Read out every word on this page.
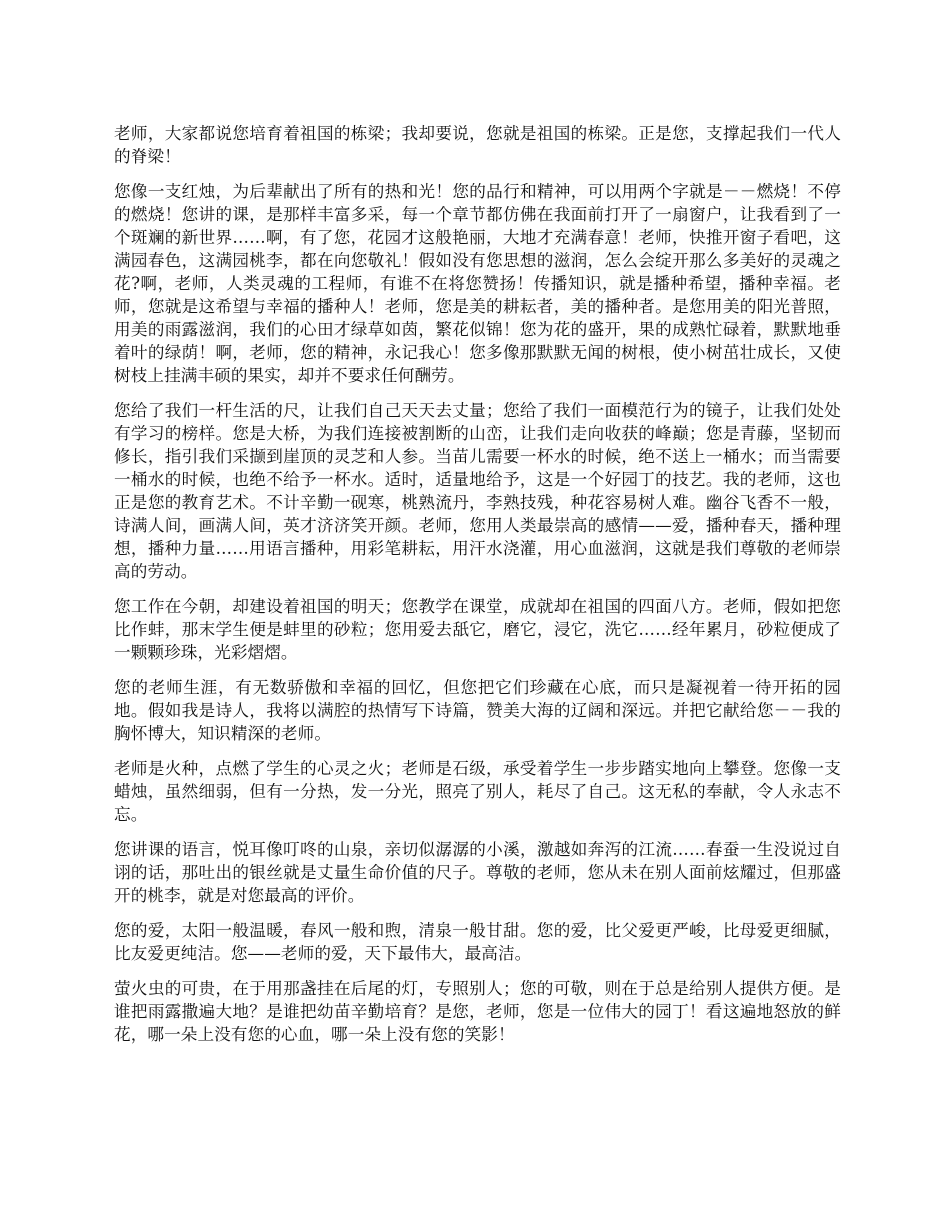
老师，大家都说您培育着祖国的栋梁；我却要说，您就是祖国的栋梁。正是您，支撑起我们一代人的脊梁！

您像一支红烛，为后辈献出了所有的热和光！您的品行和精神，可以用两个字就是－－燃烧！不停的燃烧！您讲的课，是那样丰富多采，每一个章节都仿佛在我面前打开了一扇窗户，让我看到了一个斑斓的新世界……啊，有了您，花园才这般艳丽，大地才充满春意！老师，快推开窗子看吧，这满园春色，这满园桃李，都在向您敬礼！假如没有您思想的滋润，怎么会绽开那么多美好的灵魂之花?啊，老师，人类灵魂的工程师，有谁不在将您赞扬！传播知识，就是播种希望，播种幸福。老师，您就是这希望与幸福的播种人！老师，您是美的耕耘者，美的播种者。是您用美的阳光普照，用美的雨露滋润，我们的心田才绿草如茵，繁花似锦！您为花的盛开，果的成熟忙碌着，默默地垂着叶的绿荫！啊，老师，您的精神，永记我心！您多像那默默无闻的树根，使小树茁壮成长，又使树枝上挂满丰硕的果实，却并不要求任何酬劳。

您给了我们一杆生活的尺，让我们自己天天去丈量；您给了我们一面模范行为的镜子，让我们处处有学习的榜样。您是大桥，为我们连接被割断的山峦，让我们走向收获的峰巅；您是青藤，坚韧而修长，指引我们采撷到崖顶的灵芝和人参。当苗儿需要一杯水的时候，绝不送上一桶水；而当需要一桶水的时候，也绝不给予一杯水。适时，适量地给予，这是一个好园丁的技艺。我的老师，这也正是您的教育艺术。不计辛勤一砚寒，桃熟流丹，李熟技残，种花容易树人难。幽谷飞香不一般，诗满人间，画满人间，英才济济笑开颜。老师，您用人类最崇高的感情——爱，播种春天，播种理想，播种力量……用语言播种，用彩笔耕耘，用汗水浇灌，用心血滋润，这就是我们尊敬的老师崇高的劳动。

您工作在今朝，却建设着祖国的明天；您教学在课堂，成就却在祖国的四面八方。老师，假如把您比作蚌，那末学生便是蚌里的砂粒；您用爱去舐它，磨它，浸它，洗它……经年累月，砂粒便成了一颗颗珍珠，光彩熠熠。

您的老师生涯，有无数骄傲和幸福的回忆，但您把它们珍藏在心底，而只是凝视着一待开拓的园地。假如我是诗人，我将以满腔的热情写下诗篇，赞美大海的辽阔和深远。并把它献给您－－我的胸怀博大，知识精深的老师。

老师是火种，点燃了学生的心灵之火；老师是石级，承受着学生一步步踏实地向上攀登。您像一支蜡烛，虽然细弱，但有一分热，发一分光，照亮了别人，耗尽了自己。这无私的奉献，令人永志不忘。

您讲课的语言，悦耳像叮咚的山泉，亲切似潺潺的小溪，激越如奔泻的江流……春蚕一生没说过自诩的话，那吐出的银丝就是丈量生命价值的尺子。尊敬的老师，您从未在别人面前炫耀过，但那盛开的桃李，就是对您最高的评价。

您的爱，太阳一般温暖，春风一般和煦，清泉一般甘甜。您的爱，比父爱更严峻，比母爱更细腻，比友爱更纯洁。您——老师的爱，天下最伟大，最高洁。

萤火虫的可贵，在于用那盏挂在后尾的灯，专照别人；您的可敬，则在于总是给别人提供方便。是谁把雨露撒遍大地？是谁把幼苗辛勤培育？是您，老师，您是一位伟大的园丁！看这遍地怒放的鲜花，哪一朵上没有您的心血，哪一朵上没有您的笑影！
